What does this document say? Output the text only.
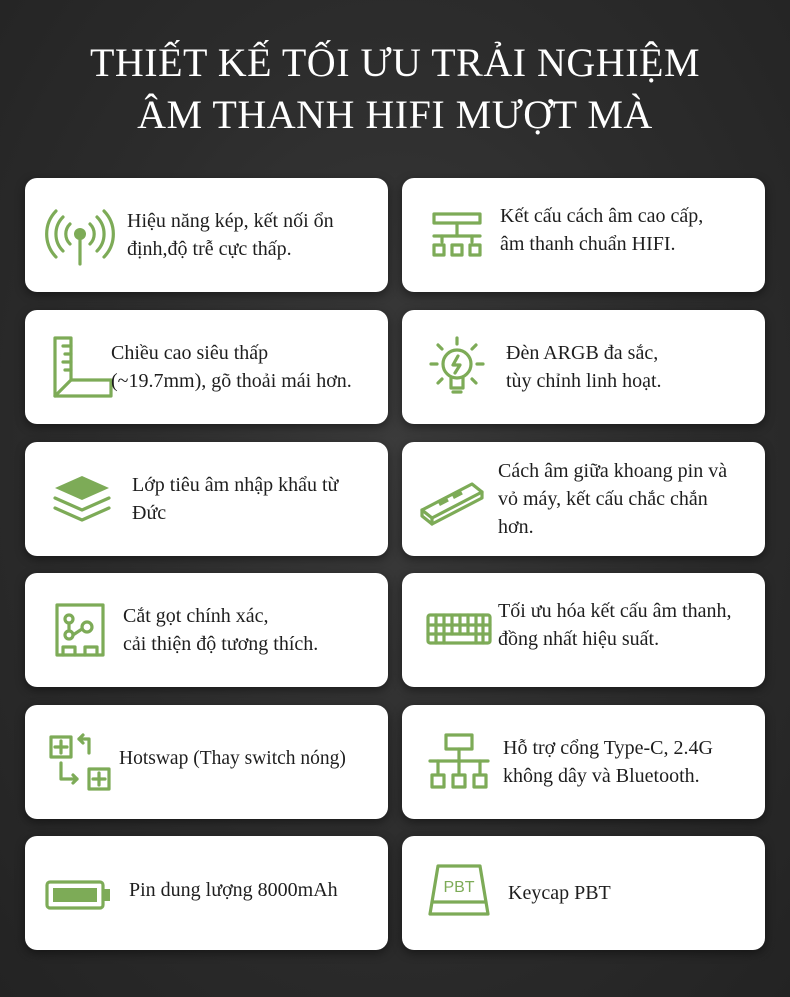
THIẾT KẾ TỐI ƯU TRẢI NGHIỆM
ÂM THANH HIFI MƯỢT MÀ
Hiệu năng kép, kết nối ổn
định,độ trễ cực thấp.
Kết cấu cách âm cao cấp,
âm thanh chuẩn HIFI.
Chiều cao siêu thấp
(~19.7mm), gõ thoải mái hơn.
Đèn ARGB đa sắc,
tùy chỉnh linh hoạt.
Lớp tiêu âm nhập khẩu từ
Đức
Cách âm giữa khoang pin và
vỏ máy, kết cấu chắc chắn
hơn.
Cắt gọt chính xác,
cải thiện độ tương thích.
Tối ưu hóa kết cấu âm thanh,
đồng nhất hiệu suất.
Hotswap (Thay switch nóng)	Hỗ trợ cổng Type-C, 2.4G
không dây và Bluetooth.
Pin dung lượng 8000mAh	PBT Keycap PBT
